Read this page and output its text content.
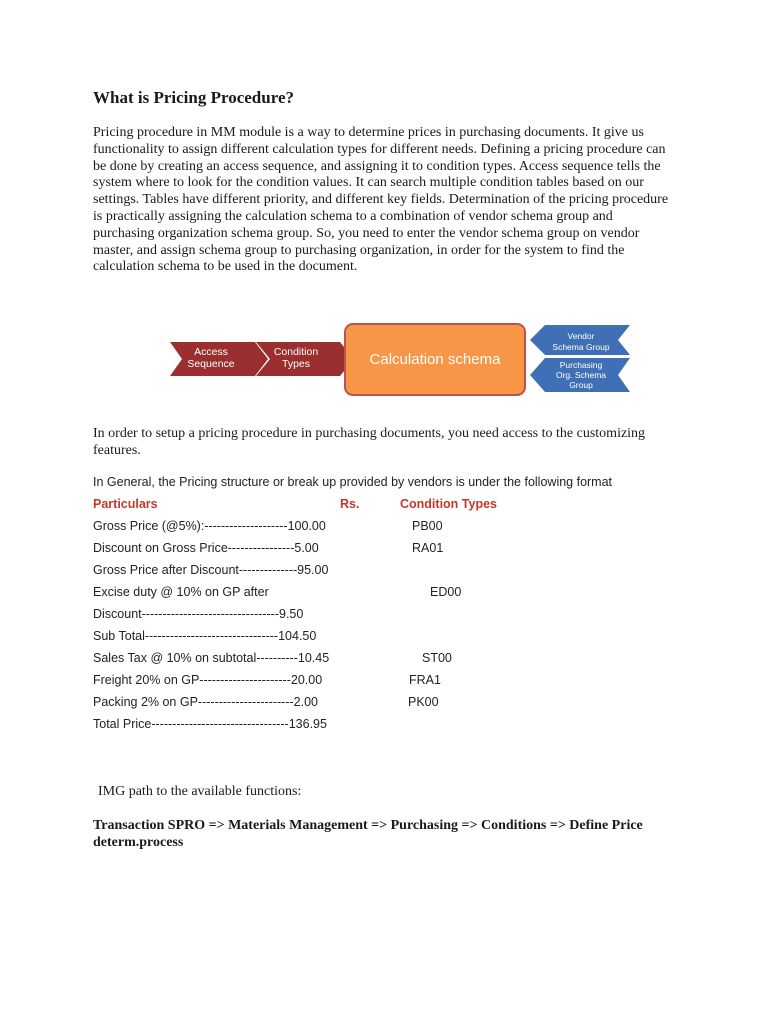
What is Pricing Procedure?
Pricing procedure in MM module is a way to determine prices in purchasing documents. It give us functionality to assign different calculation types for different needs. Defining a pricing procedure can be done by creating an access sequence, and assigning it to condition types. Access sequence tells the system where to look for the condition values. It can search multiple condition tables based on our settings. Tables have different priority, and different key fields. Determination of the pricing procedure is practically assigning the calculation schema to a combination of vendor schema group and purchasing organization schema group. So, you need to enter the vendor schema group on vendor master, and assign schema group to purchasing organization, in order for the system to find the calculation schema to be used in the document.
Access
Sequence
Condition
Types	Calculation schema
Vendor
Schema Group
Purchasing
Org. Schema
Group
In order to setup a pricing procedure in purchasing documents, you need access to the customizing features.
In General, the Pricing structure or break up provided by vendors is under the following format
Particulars	Rs.	Condition Types
Gross Price (@5%):--------------------100.00	PB00
Discount on Gross Price----------------5.00	RA01
Gross Price after Discount--------------95.00
Excise duty @ 10% on GP after	ED00
Discount---------------------------------9.50
Sub Total--------------------------------104.50
Sales Tax @ 10% on subtotal----------10.45	ST00
Freight 20% on GP----------------------20.00	FRA1
Packing 2% on GP-----------------------2.00	PK00
Total Price---------------------------------136.95
IMG path to the available functions:
Transaction SPRO => Materials Management => Purchasing => Conditions => Define Price determ.process
